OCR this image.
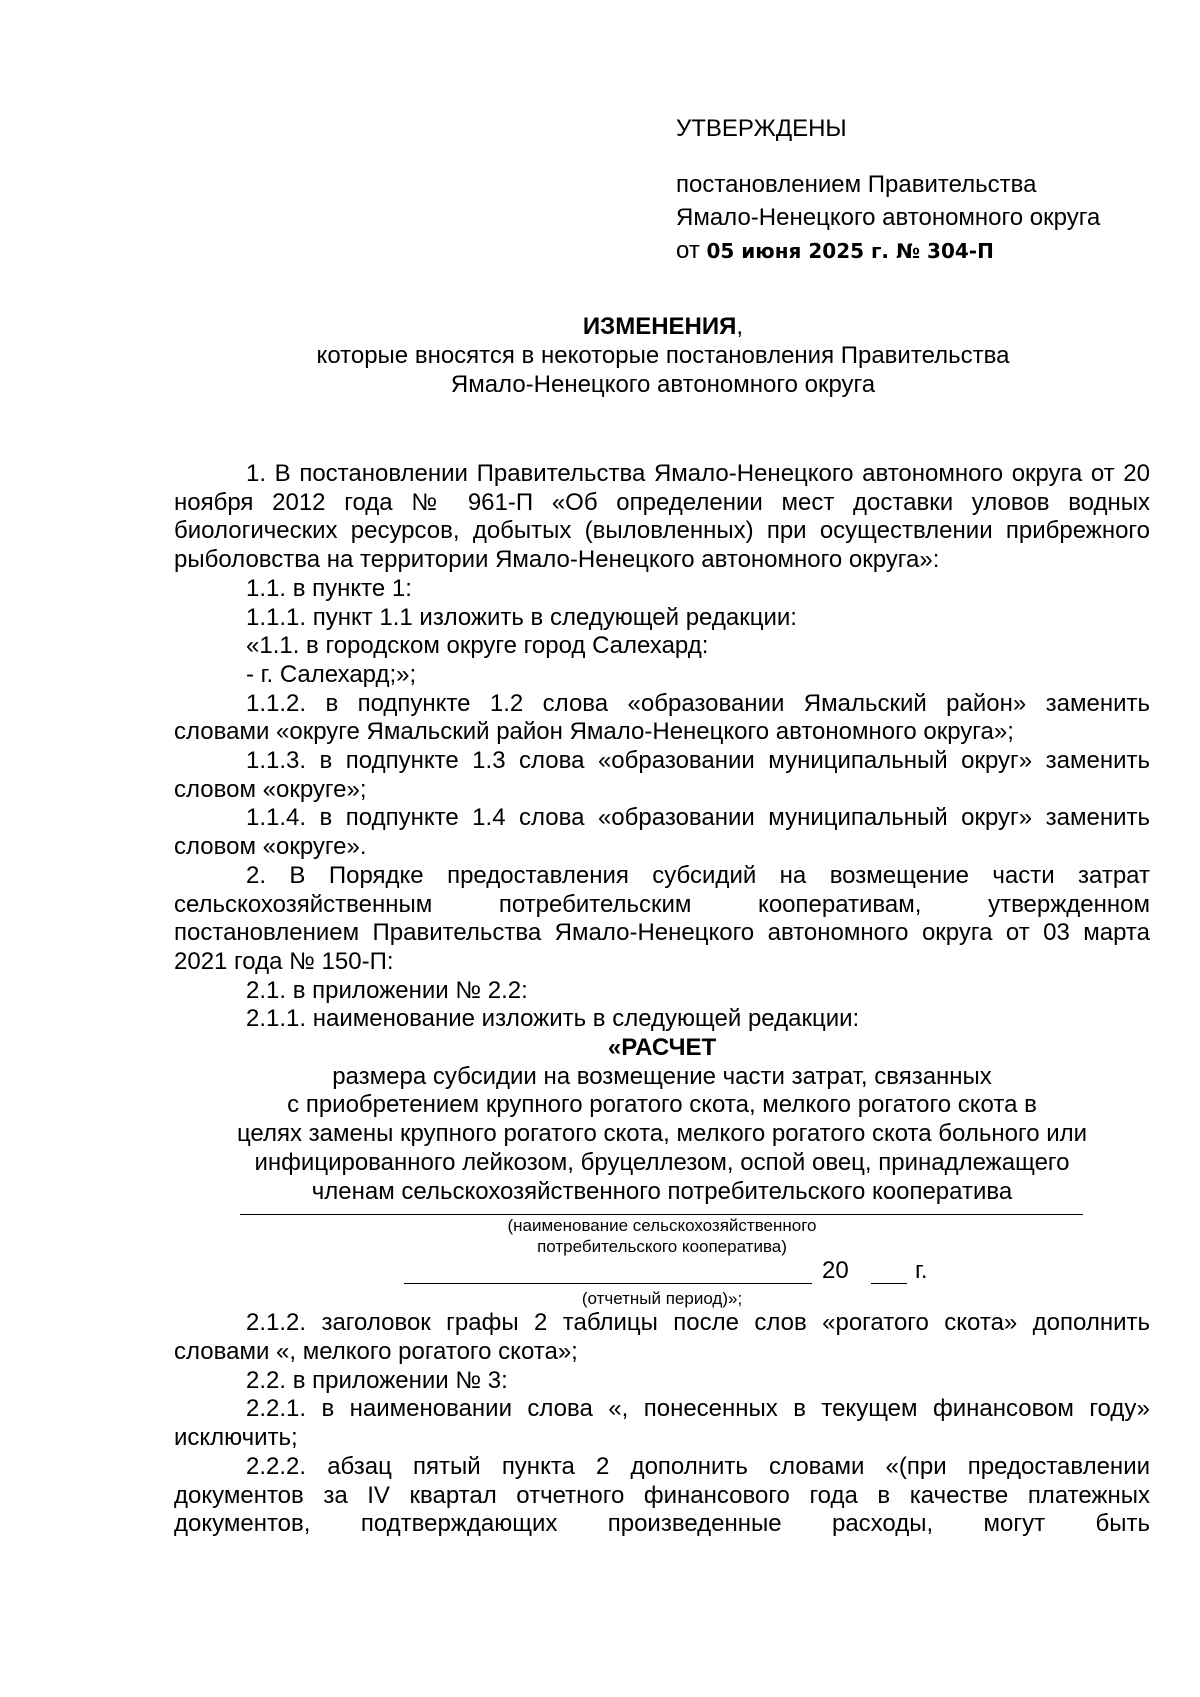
УТВЕРЖДЕНЫ
постановлением Правительства
Ямало-Ненецкого автономного округа
от 05 июня 2025 г. № 304-П
ИЗМЕНЕНИЯ,
которые вносятся в некоторые постановления Правительства
Ямало-Ненецкого автономного округа

1. В постановлении Правительства Ямало-Ненецкого автономного округа от 20 ноября 2012 года № 961-П «Об определении мест доставки уловов водных биологических ресурсов, добытых (выловленных) при осуществлении прибрежного рыболовства на территории Ямало-Ненецкого автономного округа»:

1.1. в пункте 1:

1.1.1. пункт 1.1 изложить в следующей редакции:

«1.1. в городском округе город Салехард:

- г. Салехард;»;

1.1.2. в подпункте 1.2 слова «образовании Ямальский район» заменить словами «округе Ямальский район Ямало-Ненецкого автономного округа»;

1.1.3. в подпункте 1.3 слова «образовании муниципальный округ» заменить словом «округе»;

1.1.4. в подпункте 1.4 слова «образовании муниципальный округ» заменить словом «округе».

2. В Порядке предоставления субсидий на возмещение части затрат сельскохозяйственным потребительским кооперативам, утвержденном постановлением Правительства Ямало-Ненецкого автономного округа от 03 марта 2021 года № 150-П:

2.1. в приложении № 2.2:

2.1.1. наименование изложить в следующей редакции:

«РАСЧЕТ

размера субсидии на возмещение части затрат, связанных

с приобретением крупного рогатого скота, мелкого рогатого скота в

целях замены крупного рогатого скота, мелкого рогатого скота больного или

инфицированного лейкозом, бруцеллезом, оспой овец, принадлежащего

членам сельскохозяйственного потребительского кооператива

(наименование сельскохозяйственного

потребительского кооператива)

20	г.

(отчетный период)»;

2.1.2. заголовок графы 2 таблицы после слов «рогатого скота» дополнить словами «, мелкого рогатого скота»;

2.2. в приложении № 3:

2.2.1. в наименовании слова «, понесенных в текущем финансовом году» исключить;

2.2.2. абзац пятый пункта 2 дополнить словами «(при предоставлении документов за IV квартал отчетного финансового года в качестве платежных документов, подтверждающих произведенные расходы, могут быть
